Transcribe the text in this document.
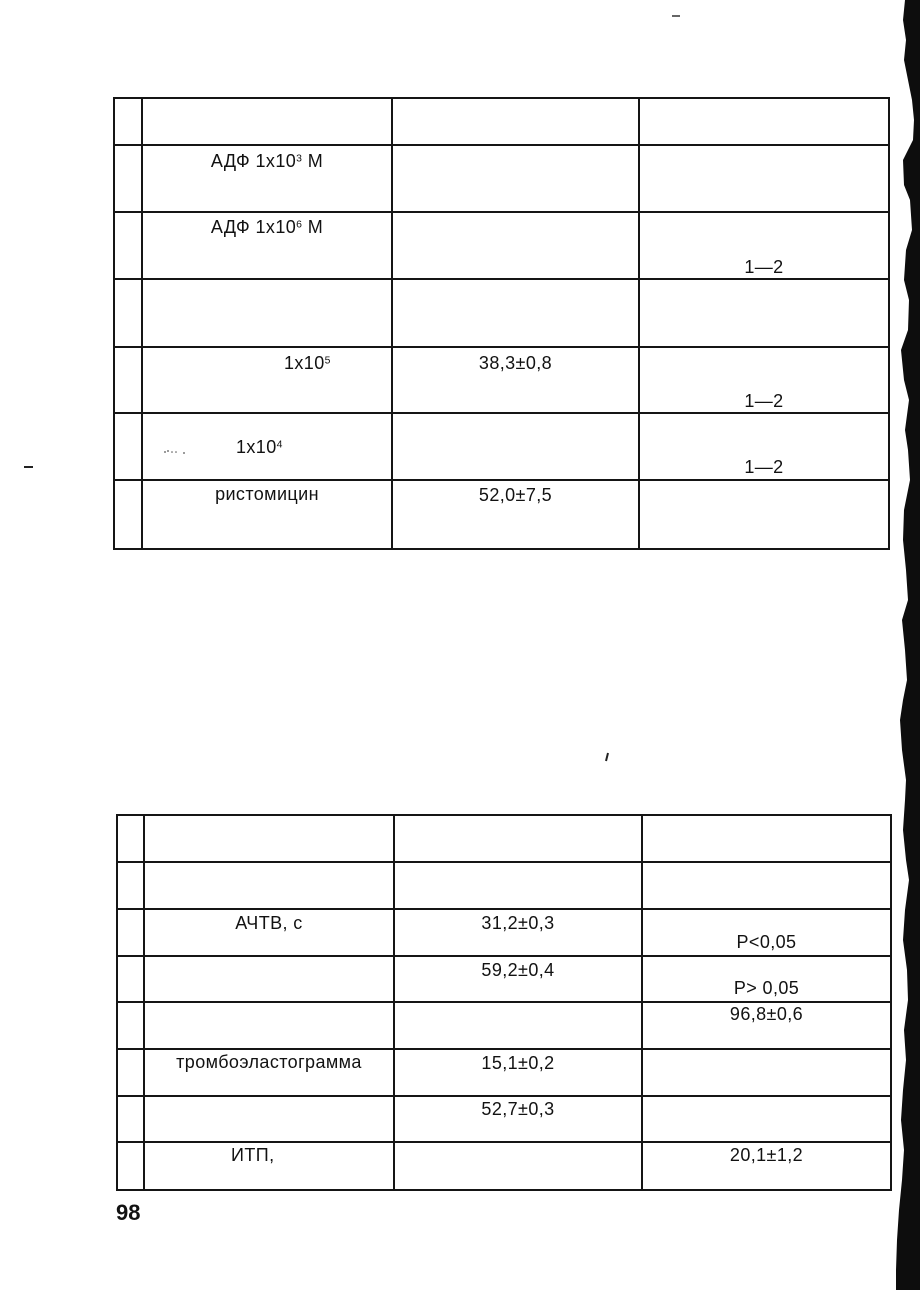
	АДФ $1x10^3$ M		

	АДФ $1x10^6$ M		1—2

	$1x10^5$	38,3±0,8	1—2

	$1x10^4$		1—2

	ристомицин	52,0±7,5	

	АЧТВ, с	31,2±0,3	P<0,05

		59,2±0,4	P> 0,05

			96,8±0,6

	тромбоэластограмма	15,1±0,2	

		52,7±0,3	

	ИТП,		20,1±1,2
98
